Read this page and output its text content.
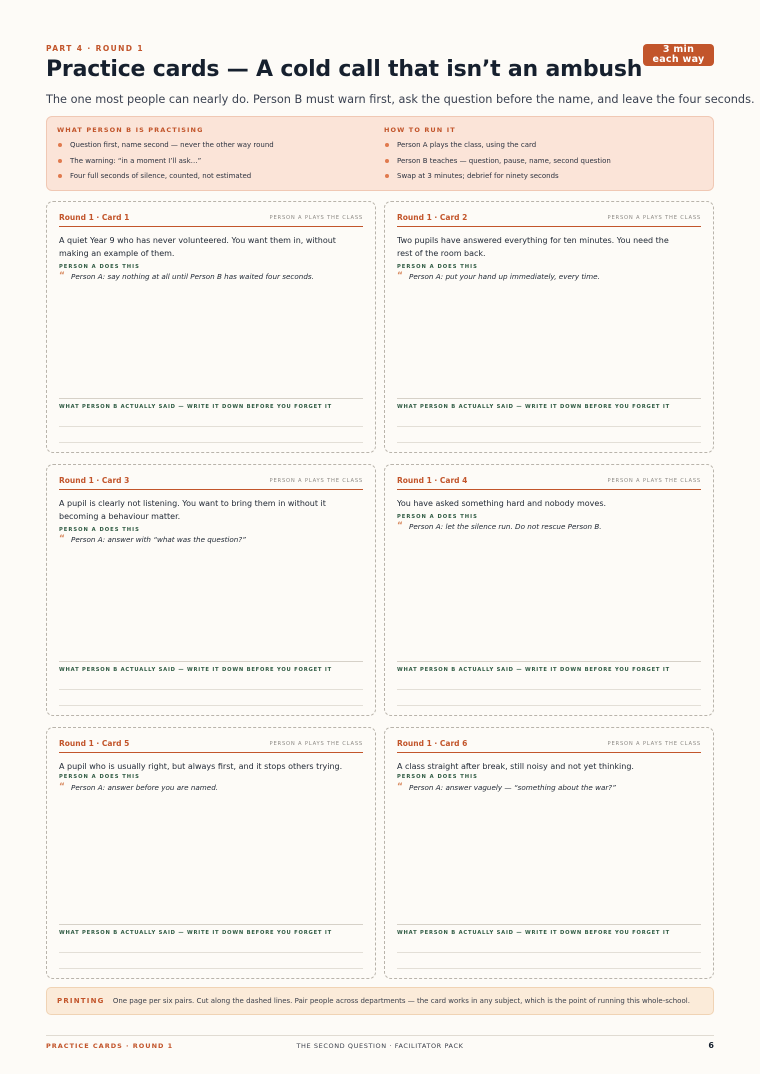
PART 4 · ROUND 1
Practice cards — A cold call that isn’t an ambush
3 min
each way
The one most people can nearly do. Person B must warn first, ask the question before the name, and leave the four seconds.
WHAT PERSON B IS PRACTISING
Question first, name second — never the other way round
The warning: “in a moment I’ll ask…”
Four full seconds of silence, counted, not estimated
HOW TO RUN IT
Person A plays the class, using the card
Person B teaches — question, pause, name, second question
Swap at 3 minutes; debrief for ninety seconds
Round 1 · Card 1	PERSON A PLAYS THE CLASS
A quiet Year 9 who has never volunteered. You want them in, without making an example of them.
PERSON A DOES THIS
“ Person A: say nothing at all until Person B has waited four seconds.
WHAT PERSON B ACTUALLY SAID — WRITE IT DOWN BEFORE YOU FORGET IT
Round 1 · Card 2	PERSON A PLAYS THE CLASS
Two pupils have answered everything for ten minutes. You need the rest of the room back.
PERSON A DOES THIS
“ Person A: put your hand up immediately, every time.
WHAT PERSON B ACTUALLY SAID — WRITE IT DOWN BEFORE YOU FORGET IT
Round 1 · Card 3	PERSON A PLAYS THE CLASS
A pupil is clearly not listening. You want to bring them in without it becoming a behaviour matter.
PERSON A DOES THIS
“ Person A: answer with “what was the question?”
WHAT PERSON B ACTUALLY SAID — WRITE IT DOWN BEFORE YOU FORGET IT
Round 1 · Card 4	PERSON A PLAYS THE CLASS
You have asked something hard and nobody moves.
PERSON A DOES THIS
“ Person A: let the silence run. Do not rescue Person B.
WHAT PERSON B ACTUALLY SAID — WRITE IT DOWN BEFORE YOU FORGET IT
Round 1 · Card 5	PERSON A PLAYS THE CLASS
A pupil who is usually right, but always first, and it stops others trying.
PERSON A DOES THIS
“ Person A: answer before you are named.
WHAT PERSON B ACTUALLY SAID — WRITE IT DOWN BEFORE YOU FORGET IT
Round 1 · Card 6	PERSON A PLAYS THE CLASS
A class straight after break, still noisy and not yet thinking.
PERSON A DOES THIS
“ Person A: answer vaguely — “something about the war?”
WHAT PERSON B ACTUALLY SAID — WRITE IT DOWN BEFORE YOU FORGET IT
PRINTING One page per six pairs. Cut along the dashed lines. Pair people across departments — the card works in any subject, which is the point of running this whole-school.
PRACTICE CARDS · ROUND 1	THE SECOND QUESTION · FACILITATOR PACK	6
